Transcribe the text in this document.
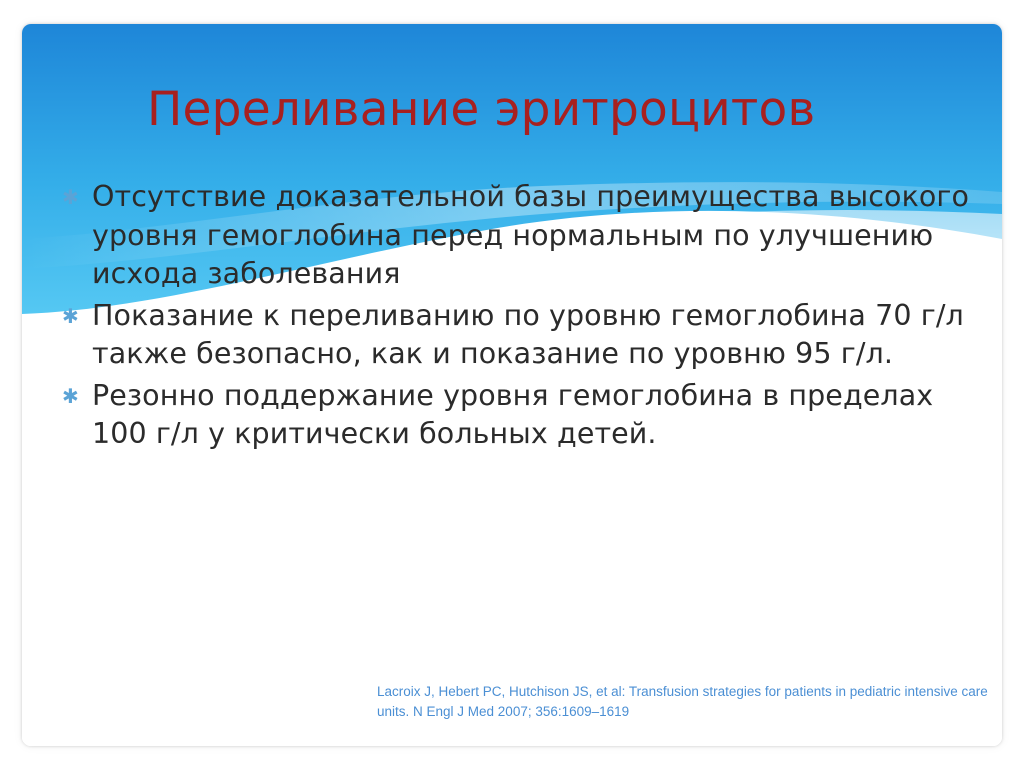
Переливание эритроцитов
✱ Отсутствие доказательной базы преимущества высокого уровня гемоглобина перед нормальным по улучшению исхода заболевания
✱ Показание к переливанию по уровню гемоглобина 70 г/л также безопасно, как и показание по уровню 95 г/л.
✱ Резонно поддержание уровня гемоглобина в пределах 100 г/л у критически больных детей.

Lacroix J, Hebert PC, Hutchison JS, et al: Transfusion strategies for patients in pediatric intensive care units. N Engl J Med 2007; 356:1609–1619
